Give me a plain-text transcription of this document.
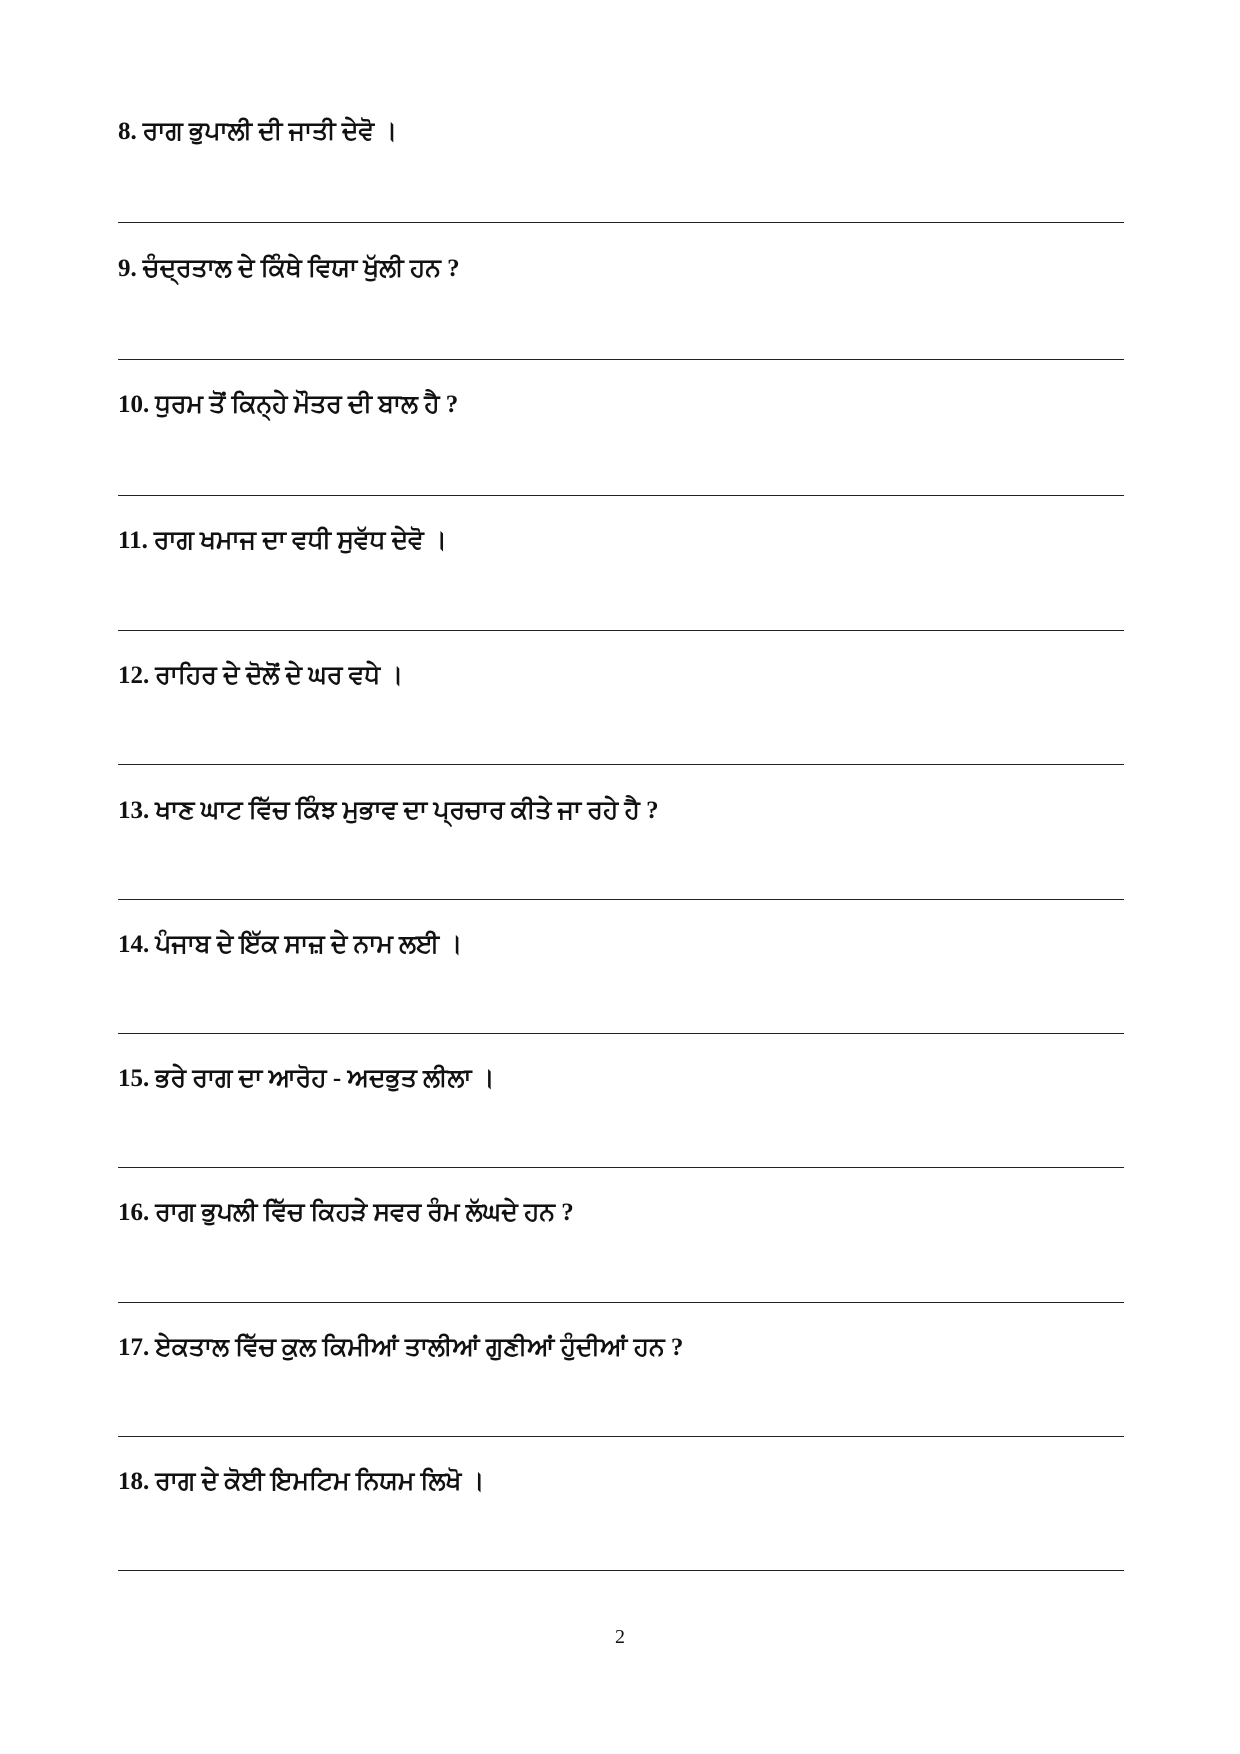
8. ਰਾਗ ਭੁਪਾਲੀ ਦੀ ਜਾਤੀ ਦੇਵੋ ।
9. ਚੰਦ੍ਰਤਾਲ ਦੇ ਕਿੰਥੇ ਵਿਯਾ ਖੁੱਲੀ ਹਨ ?
10. ਧੁਰਮ ਤੋਂ ਕਿਨ੍ਹੇ ਮੌਤਰ ਦੀ ਬਾਲ ਹੈ ?
11. ਰਾਗ ਖਮਾਜ ਦਾ ਵਧੀ ਸੁਵੱਧ ਦੇਵੋ ।
12. ਰਾਹਿਰ ਦੇ ਦੋਲੋਂ ਦੇ ਘਰ ਵਧੇ ।
13. ਖਾਣ ਘਾਟ ਵਿੱਚ ਕਿੰਝ ਮੁਭਾਵ ਦਾ ਪ੍ਰਚਾਰ ਕੀਤੇ ਜਾ ਰਹੇ ਹੈ ?
14. ਪੰਜਾਬ ਦੇ ਇੱਕ ਸਾਜ਼ ਦੇ ਨਾਮ ਲਈ ।
15. ਭਰੇ ਰਾਗ ਦਾ ਆਰੋਹ - ਅਦਭੁਤ ਲੀਲਾ ।
16. ਰਾਗ ਭੁਪਲੀ ਵਿੱਚ ਕਿਹੜੇ ਸਵਰ ਰੰਮ ਲੱਘਦੇ ਹਨ ?
17. ਏਕਤਾਲ ਵਿੱਚ ਕੁਲ ਕਿਮੀਆਂ ਤਾਲੀਆਂ ਗੁਣੀਆਂ ਹੁੰਦੀਆਂ ਹਨ ?
18. ਰਾਗ ਦੇ ਕੋਈ ਇਮਟਿਮ ਨਿਯਮ ਲਿਖੋ ।
2
